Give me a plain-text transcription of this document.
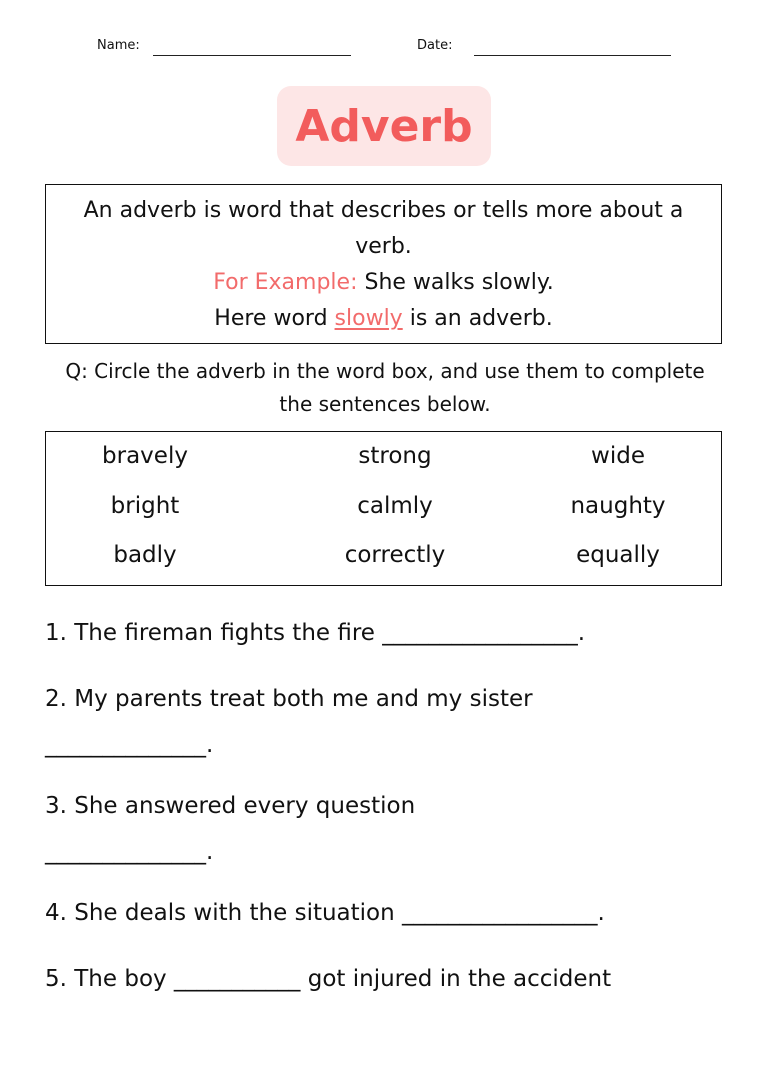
Name:	Date:
Adverb
An adverb is word that describes or tells more about a
verb.
For Example: She walks slowly.
Here word slowly is an adverb.
Q: Circle the adverb in the word box, and use them to complete
the sentences below.
bravely	strong	wide
bright	calmly	naughty
badly	correctly	equally
1. The fireman fights the fire _________________.
2. My parents treat both me and my sister
______________.
3. She answered every question
______________.
4. She deals with the situation _________________.
5. The boy ___________ got injured in the accident
